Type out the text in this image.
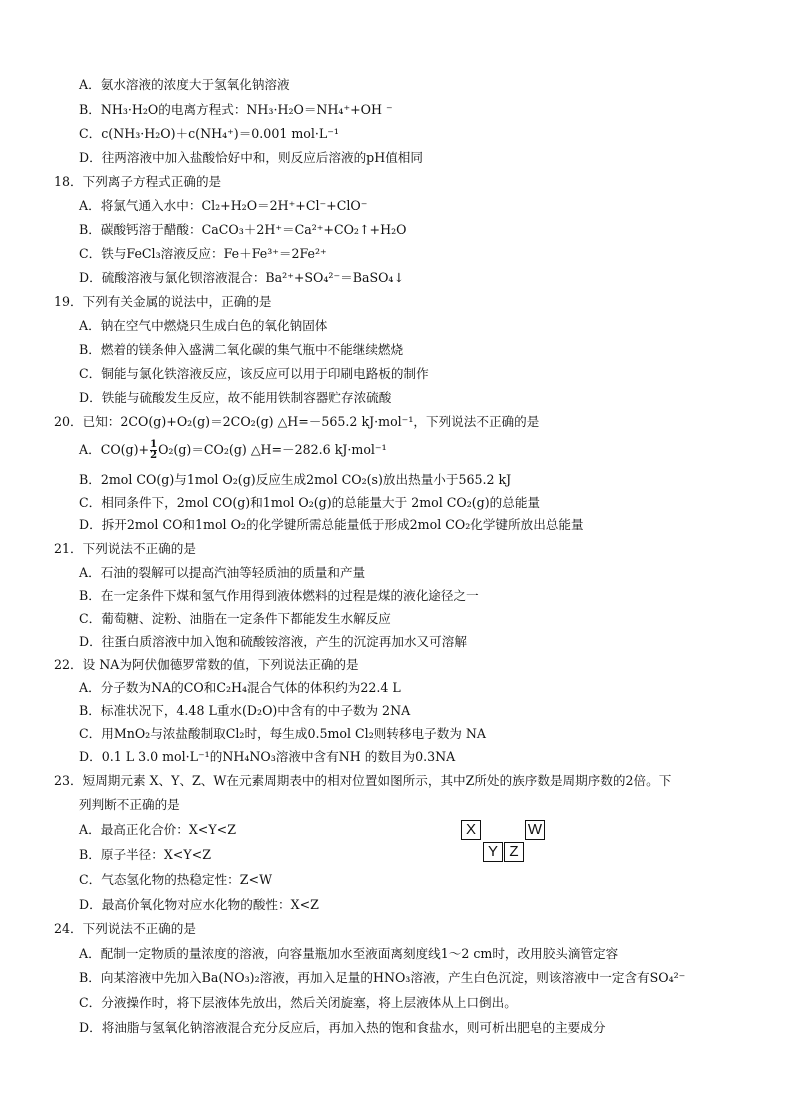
A．氨水溶液的浓度大于氢氧化钠溶液
B．NH₃·H₂O的电离方程式：NH₃·H₂O＝NH₄⁺+OH ⁻
C．c(NH₃·H₂O)＋c(NH₄⁺)＝0.001 mol·L⁻¹
D．往两溶液中加入盐酸恰好中和，则反应后溶液的pH值相同
18．下列离子方程式正确的是
A．将氯气通入水中：Cl₂+H₂O＝2H⁺+Cl⁻+ClO⁻
B．碳酸钙溶于醋酸：CaCO₃＋2H⁺＝Ca²⁺+CO₂↑+H₂O
C．铁与FeCl₃溶液反应：Fe＋Fe³⁺＝2Fe²⁺
D．硫酸溶液与氯化钡溶液混合：Ba²⁺+SO₄²⁻＝BaSO₄↓
19．下列有关金属的说法中，正确的是
A．钠在空气中燃烧只生成白色的氧化钠固体
B．燃着的镁条伸入盛满二氧化碳的集气瓶中不能继续燃烧
C．铜能与氯化铁溶液反应，该反应可以用于印刷电路板的制作
D．铁能与硫酸发生反应，故不能用铁制容器贮存浓硫酸
20．已知：2CO(g)+O₂(g)＝2CO₂(g) △H=－565.2 kJ·mol⁻¹，下列说法不正确的是
A．$CO(g)+ \frac{1}{2} O_2(g)=CO_2(g)$ △H=－282.6 kJ·mol⁻¹
B．2mol CO(g)与1mol O₂(g)反应生成2mol CO₂(s)放出热量小于565.2 kJ
C．相同条件下，2mol CO(g)和1mol O₂(g)的总能量大于 2mol CO₂(g)的总能量
D．拆开2mol CO和1mol O₂的化学键所需总能量低于形成2mol CO₂化学键所放出总能量
21．下列说法不正确的是
A．石油的裂解可以提高汽油等轻质油的质量和产量
B．在一定条件下煤和氢气作用得到液体燃料的过程是煤的液化途径之一
C．葡萄糖、淀粉、油脂在一定条件下都能发生水解反应
D．往蛋白质溶液中加入饱和硫酸铵溶液，产生的沉淀再加水又可溶解
22．设 NA为阿伏伽德罗常数的值，下列说法正确的是
A．分子数为NA的CO和C₂H₄混合气体的体积约为22.4 L
B．标准状况下，4.48 L重水(D₂O)中含有的中子数为 2NA
C．用MnO₂与浓盐酸制取Cl₂时，每生成0.5mol Cl₂则转移电子数为 NA
D．0.1 L 3.0 mol·L⁻¹的NH₄NO₃溶液中含有NH 的数目为0.3NA
23．短周期元素 X、Y、Z、W在元素周期表中的相对位置如图所示，其中Z所处的族序数是周期序数的2倍。下
列判断不正确的是
A．最高正化合价：X<Y<Z
B．原子半径：X<Y<Z
C．气态氢化物的热稳定性：Z<W
D．最高价氧化物对应水化物的酸性：X<Z
X	W
Y Z
24．下列说法不正确的是
A．配制一定物质的量浓度的溶液，向容量瓶加水至液面离刻度线1～2 cm时，改用胶头滴管定容
B．向某溶液中先加入Ba(NO₃)₂溶液，再加入足量的HNO₃溶液，产生白色沉淀，则该溶液中一定含有SO₄²⁻
C．分液操作时，将下层液体先放出，然后关闭旋塞，将上层液体从上口倒出。
D．将油脂与氢氧化钠溶液混合充分反应后，再加入热的饱和食盐水，则可析出肥皂的主要成分
